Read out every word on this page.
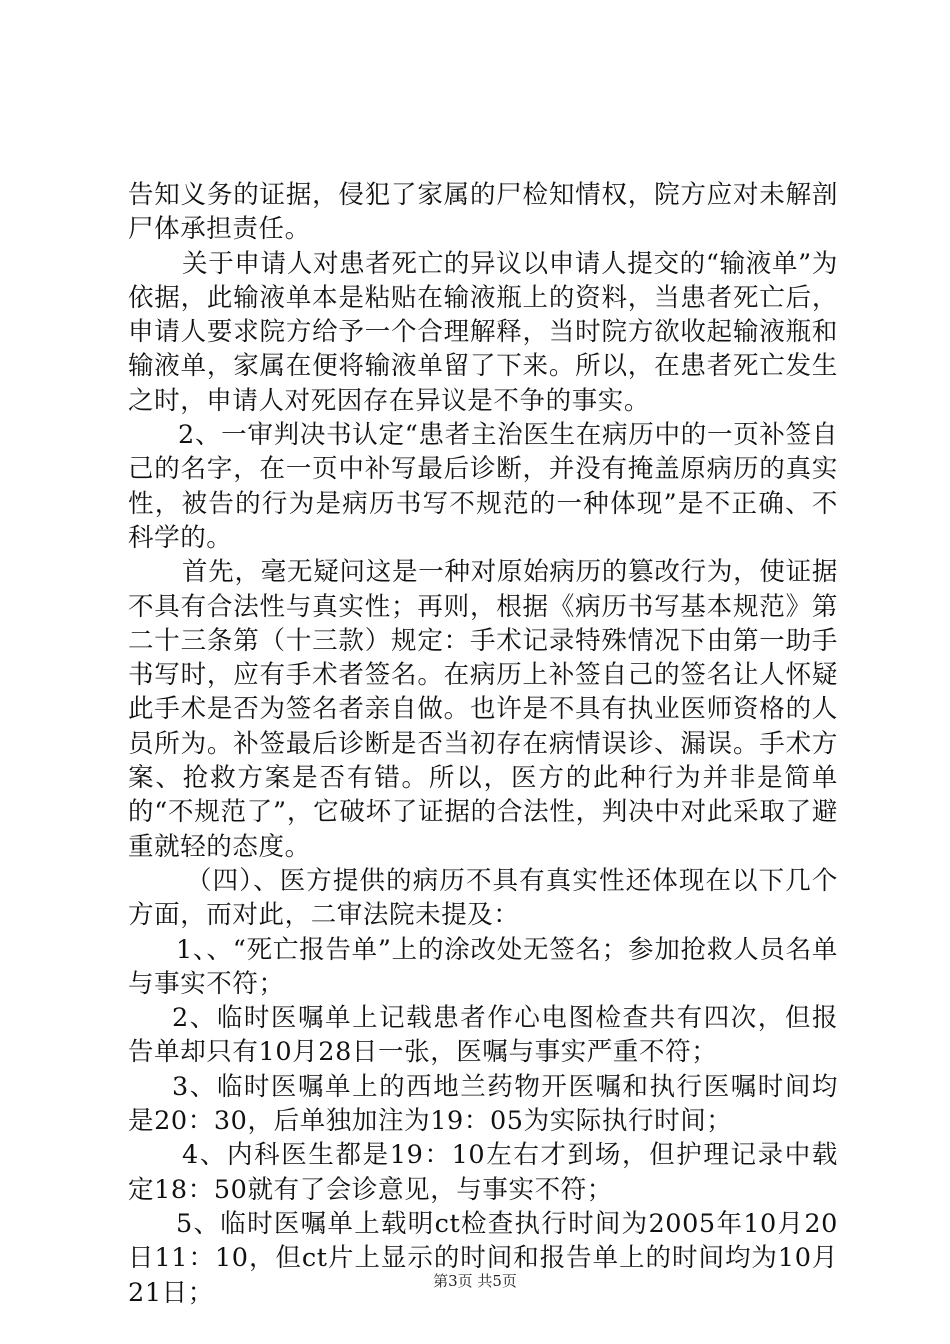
告知义务的证据，侵犯了家属的尸检知情权，院方应对未解剖尸体承担责任。

关于申请人对患者死亡的异议以申请人提交的“输液单”为依据，此输液单本是粘贴在输液瓶上的资料，当患者死亡后，申请人要求院方给予一个合理解释，当时院方欲收起输液瓶和输液单，家属在便将输液单留了下来。所以，在患者死亡发生之时，申请人对死因存在异议是不争的事实。

2、一审判决书认定“患者主治医生在病历中的一页补签自己的名字，在一页中补写最后诊断，并没有掩盖原病历的真实性，被告的行为是病历书写不规范的一种体现”是不正确、不科学的。

首先，毫无疑问这是一种对原始病历的篡改行为，使证据不具有合法性与真实性；再则，根据《病历书写基本规范》第二十三条第（十三款）规定：手术记录特殊情况下由第一助手书写时，应有手术者签名。在病历上补签自己的签名让人怀疑此手术是否为签名者亲自做。也许是不具有执业医师资格的人员所为。补签最后诊断是否当初存在病情误诊、漏误。手术方案、抢救方案是否有错。所以，医方的此种行为并非是简单的“不规范了”，它破坏了证据的合法性，判决中对此采取了避重就轻的态度。

（四）、医方提供的病历不具有真实性还体现在以下几个方面，而对此，二审法院未提及：

1、、“死亡报告单”上的涂改处无签名；参加抢救人员名单与事实不符；

2、临时医嘱单上记载患者作心电图检查共有四次，但报告单却只有10月28日一张，医嘱与事实严重不符；

3、临时医嘱单上的西地兰药物开医嘱和执行医嘱时间均是20：30，后单独加注为19：05为实际执行时间；

4、内科医生都是19：10左右才到场，但护理记录中载定18：50就有了会诊意见，与事实不符；

5、临时医嘱单上载明ct检查执行时间为2005年10月20日11：10，但ct片上显示的时间和报告单上的时间均为10月21日；	第3页 共5页
